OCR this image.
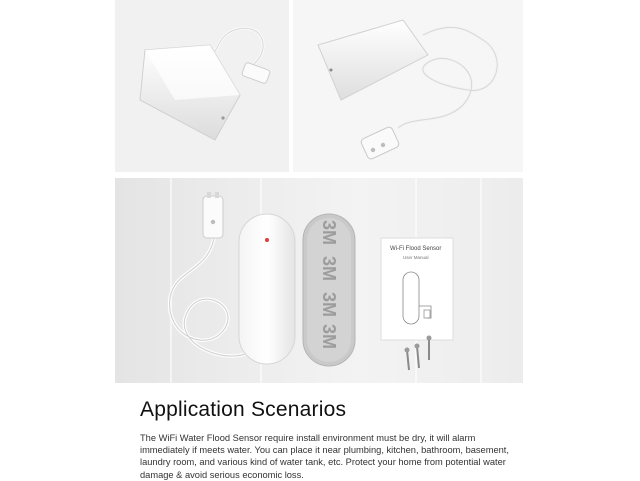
3M
3M
3M
3M
Wi-Fi Flood Sensor
User Manual
Application Scenarios

The WiFi Water Flood Sensor require install environment must be dry, it will alarm immediately if meets water. You can place it near plumbing, kitchen, bathroom, basement, laundry room, and various kind of water tank, etc. Protect your home from potential water damage & avoid serious economic loss.
